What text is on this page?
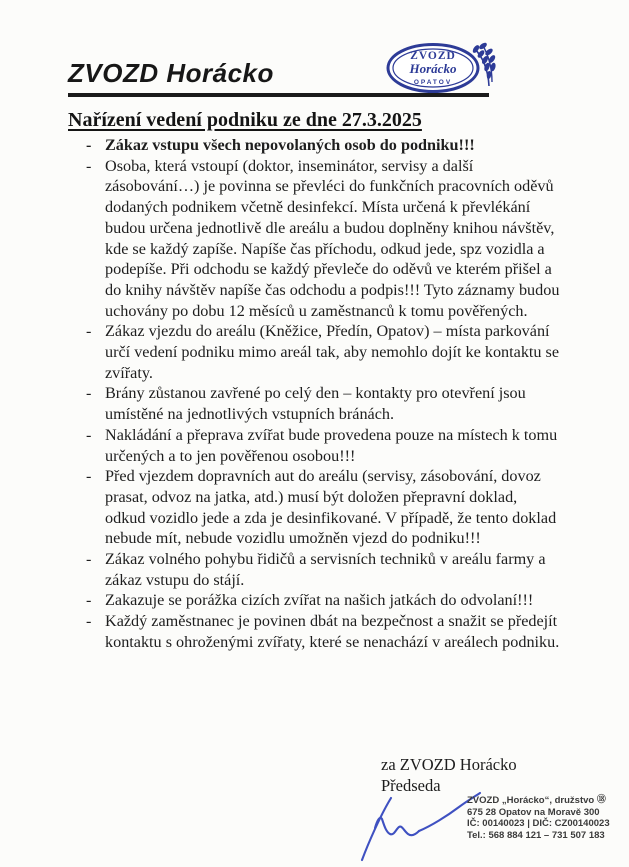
ZVOZD Horácko
ZVOZD
Horácko
OPATOV
Nařízení vedení podniku ze dne 27.3.2025
- Zákaz vstupu všech nepovolaných osob do podniku!!!
- Osoba, která vstoupí (doktor, inseminátor, servisy a další zásobování…) je povinna se převléci do funkčních pracovních oděvů dodaných podnikem včetně desinfekcí. Místa určená k převlékání budou určena jednotlivě dle areálu a budou doplněny knihou návštěv, kde se každý zapíše. Napíše čas příchodu, odkud jede, spz vozidla a podepíše. Při odchodu se každý převleče do oděvů ve kterém přišel a do knihy návštěv napíše čas odchodu a podpis!!! Tyto záznamy budou uchovány po dobu 12 měsíců u zaměstnanců k tomu pověřených.
- Zákaz vjezdu do areálu (Kněžice, Předín, Opatov) – místa parkování určí vedení podniku mimo areál tak, aby nemohlo dojít ke kontaktu se zvířaty.
- Brány zůstanou zavřené po celý den – kontakty pro otevření jsou umístěné na jednotlivých vstupních bránách.
- Nakládání a přeprava zvířat bude provedena pouze na místech k tomu určených a to jen pověřenou osobou!!!
- Před vjezdem dopravních aut do areálu (servisy, zásobování, dovoz prasat, odvoz na jatka, atd.) musí být doložen přepravní doklad, odkud vozidlo jede a zda je desinfikované. V případě, že tento doklad nebude mít, nebude vozidlu umožněn vjezd do podniku!!!
- Zákaz volného pohybu řidičů a servisních techniků v areálu farmy a zákaz vstupu do stájí.
- Zakazuje se porážka cizích zvířat na našich jatkách do odvolaní!!!
- Každý zaměstnanec je povinen dbát na bezpečnost a snažit se předejít kontaktu s ohroženými zvířaty, které se nenachází v areálech podniku.
za ZVOZD Horácko
Předseda
ZVOZD „Horácko“, družstvo ⑱
675 28 Opatov na Moravě 300
IČ: 00140023 | DIČ: CZ00140023
Tel.: 568 884 121 – 731 507 183
